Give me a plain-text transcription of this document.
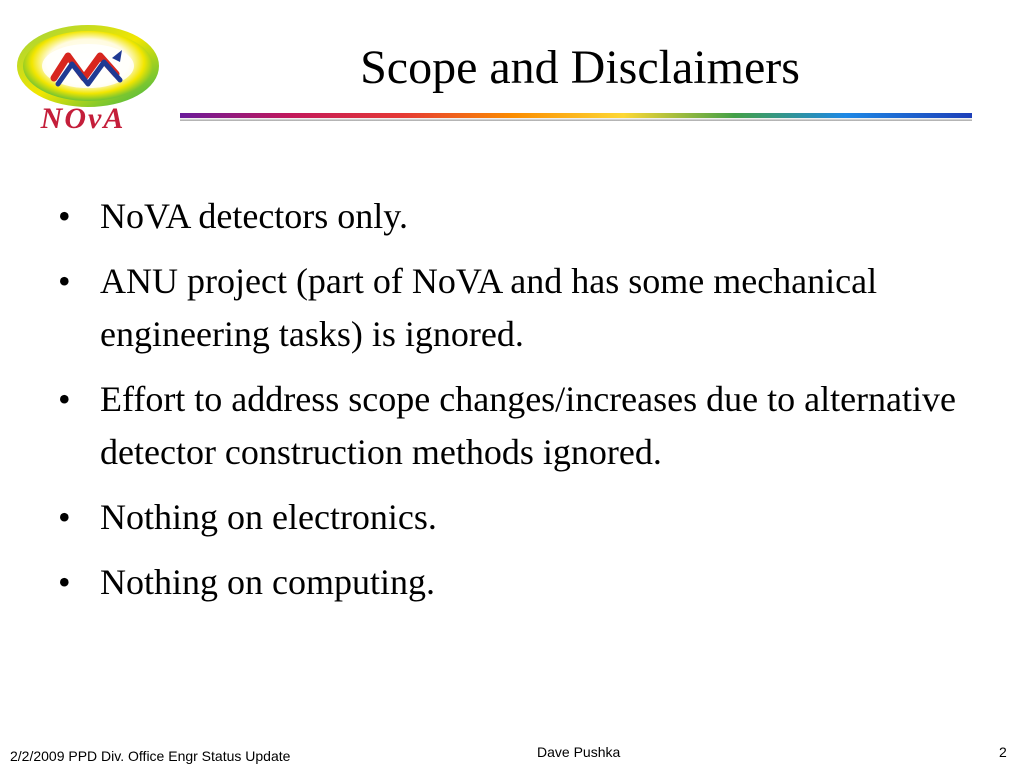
NOvA
Scope and Disclaimers
• NoVA detectors only.
• ANU project (part of NoVA and has some mechanical engineering tasks) is ignored.
• Effort to address scope changes/increases due to alternative detector construction methods ignored.
• Nothing on electronics.
• Nothing on computing.
2/2/2009 PPD Div. Office Engr Status Update	Dave Pushka	2
